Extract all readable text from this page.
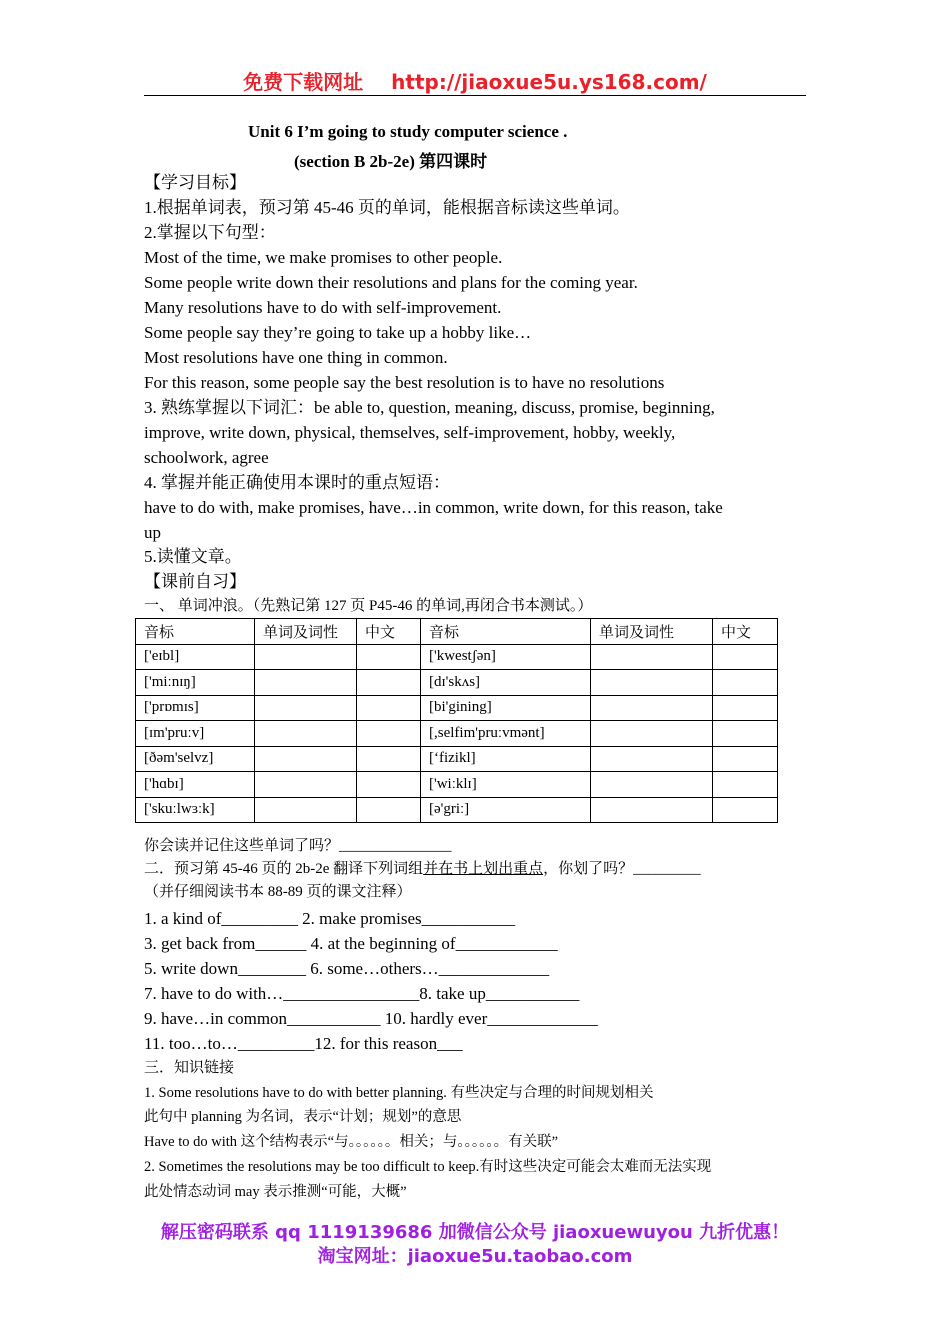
免费下载网址 http://jiaoxue5u.ys168.com/
Unit 6 I’m going to study computer science .
(section B 2b-2e) 第四课时
【学习目标】
1.根据单词表，预习第 45-46 页的单词，能根据音标读这些单词。
2.掌握以下句型：
Most of the time, we make promises to other people.
Some people write down their resolutions and plans for the coming year.
Many resolutions have to do with self-improvement.
Some people say they’re going to take up a hobby like…
Most resolutions have one thing in common.
For this reason, some people say the best resolution is to have no resolutions
3. 熟练掌握以下词汇：be able to, question, meaning, discuss, promise, beginning,
improve, write down, physical, themselves, self-improvement, hobby, weekly,
schoolwork, agree
4. 掌握并能正确使用本课时的重点短语：
have to do with, make promises, have…in common, write down, for this reason, take
up
5.读懂文章。
【课前自习】
一、 单词冲浪。（先熟记第 127 页 P45-46 的单词,再闭合书本测试。）
音标	单词及词性	中文	音标	单词及词性	中文
['eɪbl]			['kwestʃən]		
['miːnɪŋ]			[dɪ'skʌs]		
['prɒmɪs]			[bi'gining]		
[ɪm'pruːv]			[,selfim'pruːvmənt]		
[ðəm'selvz]			[‘fizikl]		
['hɑbɪ]			['wiːklɪ]		
['skuːlwɜːk]			[ə'griː]		
你会读并记住这些单词了吗？_______________
二．预习第 45-46 页的 2b-2e 翻译下列词组并在书上划出重点，你划了吗？_________
（并仔细阅读书本 88-89 页的课文注释）
1. a kind of_________ 2. make promises___________
3. get back from______ 4. at the beginning of____________
5. write down________ 6. some…others…_____________
7. have to do with…________________8. take up___________
9. have…in common___________ 10. hardly ever_____________
11. too…to…_________12. for this reason___
三．知识链接
1. Some resolutions have to do with better planning. 有些决定与合理的时间规划相关
此句中 planning 为名词，表示“计划；规划”的意思
Have to do with 这个结构表示“与。。。。。。相关；与。。。。。。有关联”
2. Sometimes the resolutions may be too difficult to keep.有时这些决定可能会太难而无法实现
此处情态动词 may 表示推测“可能，大概”
解压密码联系 qq 1119139686 加微信公众号 jiaoxuewuyou 九折优惠！
淘宝网址：jiaoxue5u.taobao.com
